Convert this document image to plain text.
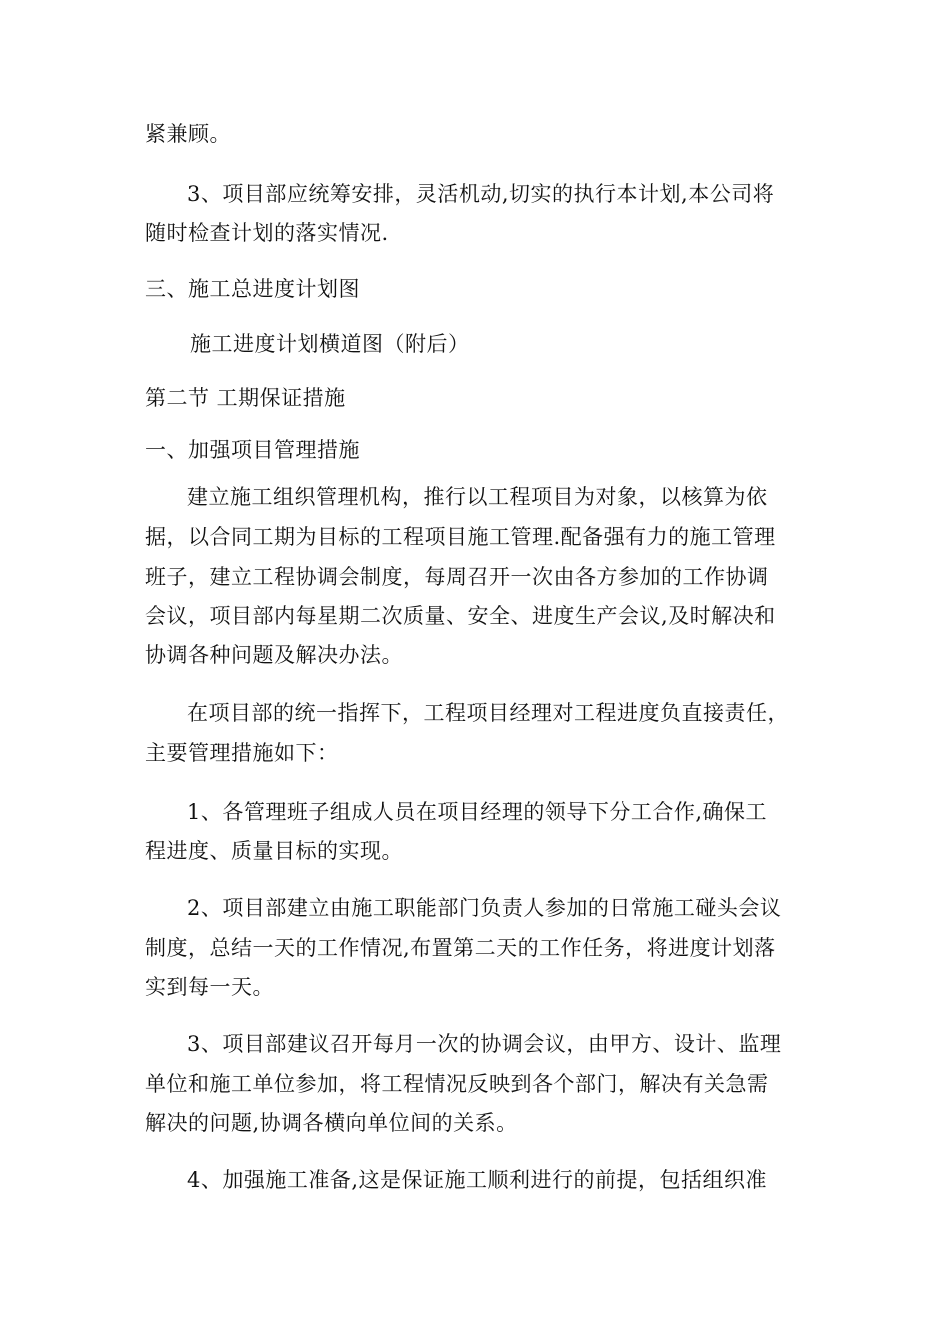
紧兼顾。
3、项目部应统筹安排，灵活机动,切实的执行本计划,本公司将
随时检查计划的落实情况.
三、施工总进度计划图
施工进度计划横道图（附后）
第二节 工期保证措施
一、加强项目管理措施
建立施工组织管理机构，推行以工程项目为对象，以核算为依
据，以合同工期为目标的工程项目施工管理.配备强有力的施工管理
班子，建立工程协调会制度，每周召开一次由各方参加的工作协调
会议，项目部内每星期二次质量、安全、进度生产会议,及时解决和
协调各种问题及解决办法。
在项目部的统一指挥下，工程项目经理对工程进度负直接责任，
主要管理措施如下：
1、各管理班子组成人员在项目经理的领导下分工合作,确保工
程进度、质量目标的实现。
2、项目部建立由施工职能部门负责人参加的日常施工碰头会议
制度，总结一天的工作情况,布置第二天的工作任务，将进度计划落
实到每一天。
3、项目部建议召开每月一次的协调会议，由甲方、设计、监理
单位和施工单位参加，将工程情况反映到各个部门，解决有关急需
解决的问题,协调各横向单位间的关系。
4、加强施工准备,这是保证施工顺利进行的前提，包括组织准
